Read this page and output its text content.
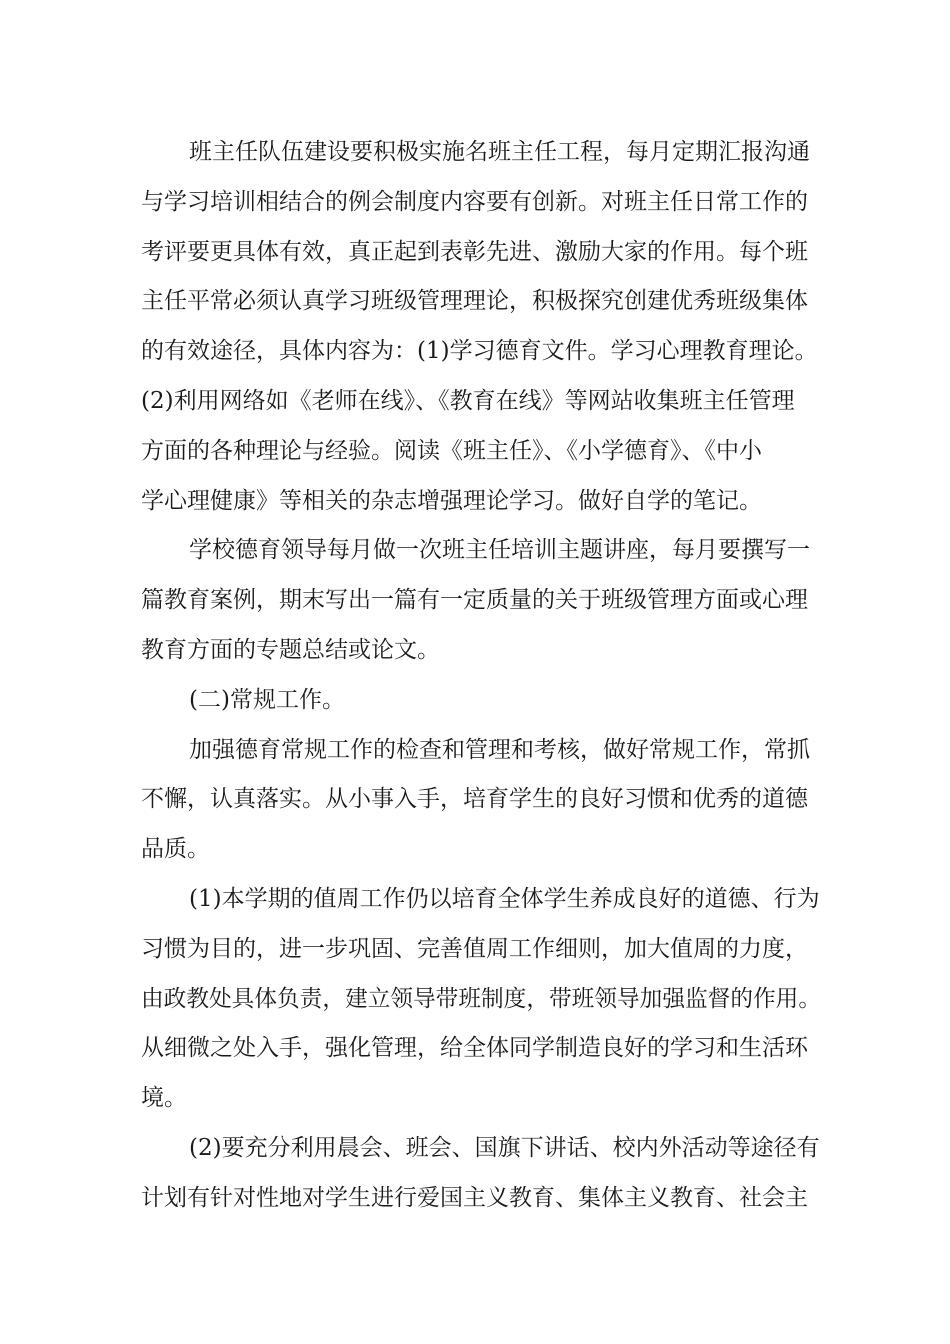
班主任队伍建设要积极实施名班主任工程，每月定期汇报沟通
与学习培训相结合的例会制度内容要有创新。对班主任日常工作的
考评要更具体有效，真正起到表彰先进、激励大家的作用。每个班
主任平常必须认真学习班级管理理论，积极探究创建优秀班级集体
的有效途径，具体内容为：(1)学习德育文件。学习心理教育理论。
(2)利用网络如《老师在线》、《教育在线》等网站收集班主任管理
方面的各种理论与经验。阅读《班主任》、《小学德育》、《中小
学心理健康》等相关的杂志增强理论学习。做好自学的笔记。
学校德育领导每月做一次班主任培训主题讲座，每月要撰写一
篇教育案例，期末写出一篇有一定质量的关于班级管理方面或心理
教育方面的专题总结或论文。
(二)常规工作。
加强德育常规工作的检查和管理和考核，做好常规工作，常抓
不懈，认真落实。从小事入手，培育学生的良好习惯和优秀的道德
品质。
(1)本学期的值周工作仍以培育全体学生养成良好的道德、行为
习惯为目的，进一步巩固、完善值周工作细则，加大值周的力度，
由政教处具体负责，建立领导带班制度，带班领导加强监督的作用。
从细微之处入手，强化管理，给全体同学制造良好的学习和生活环
境。
(2)要充分利用晨会、班会、国旗下讲话、校内外活动等途径有
计划有针对性地对学生进行爱国主义教育、集体主义教育、社会主
